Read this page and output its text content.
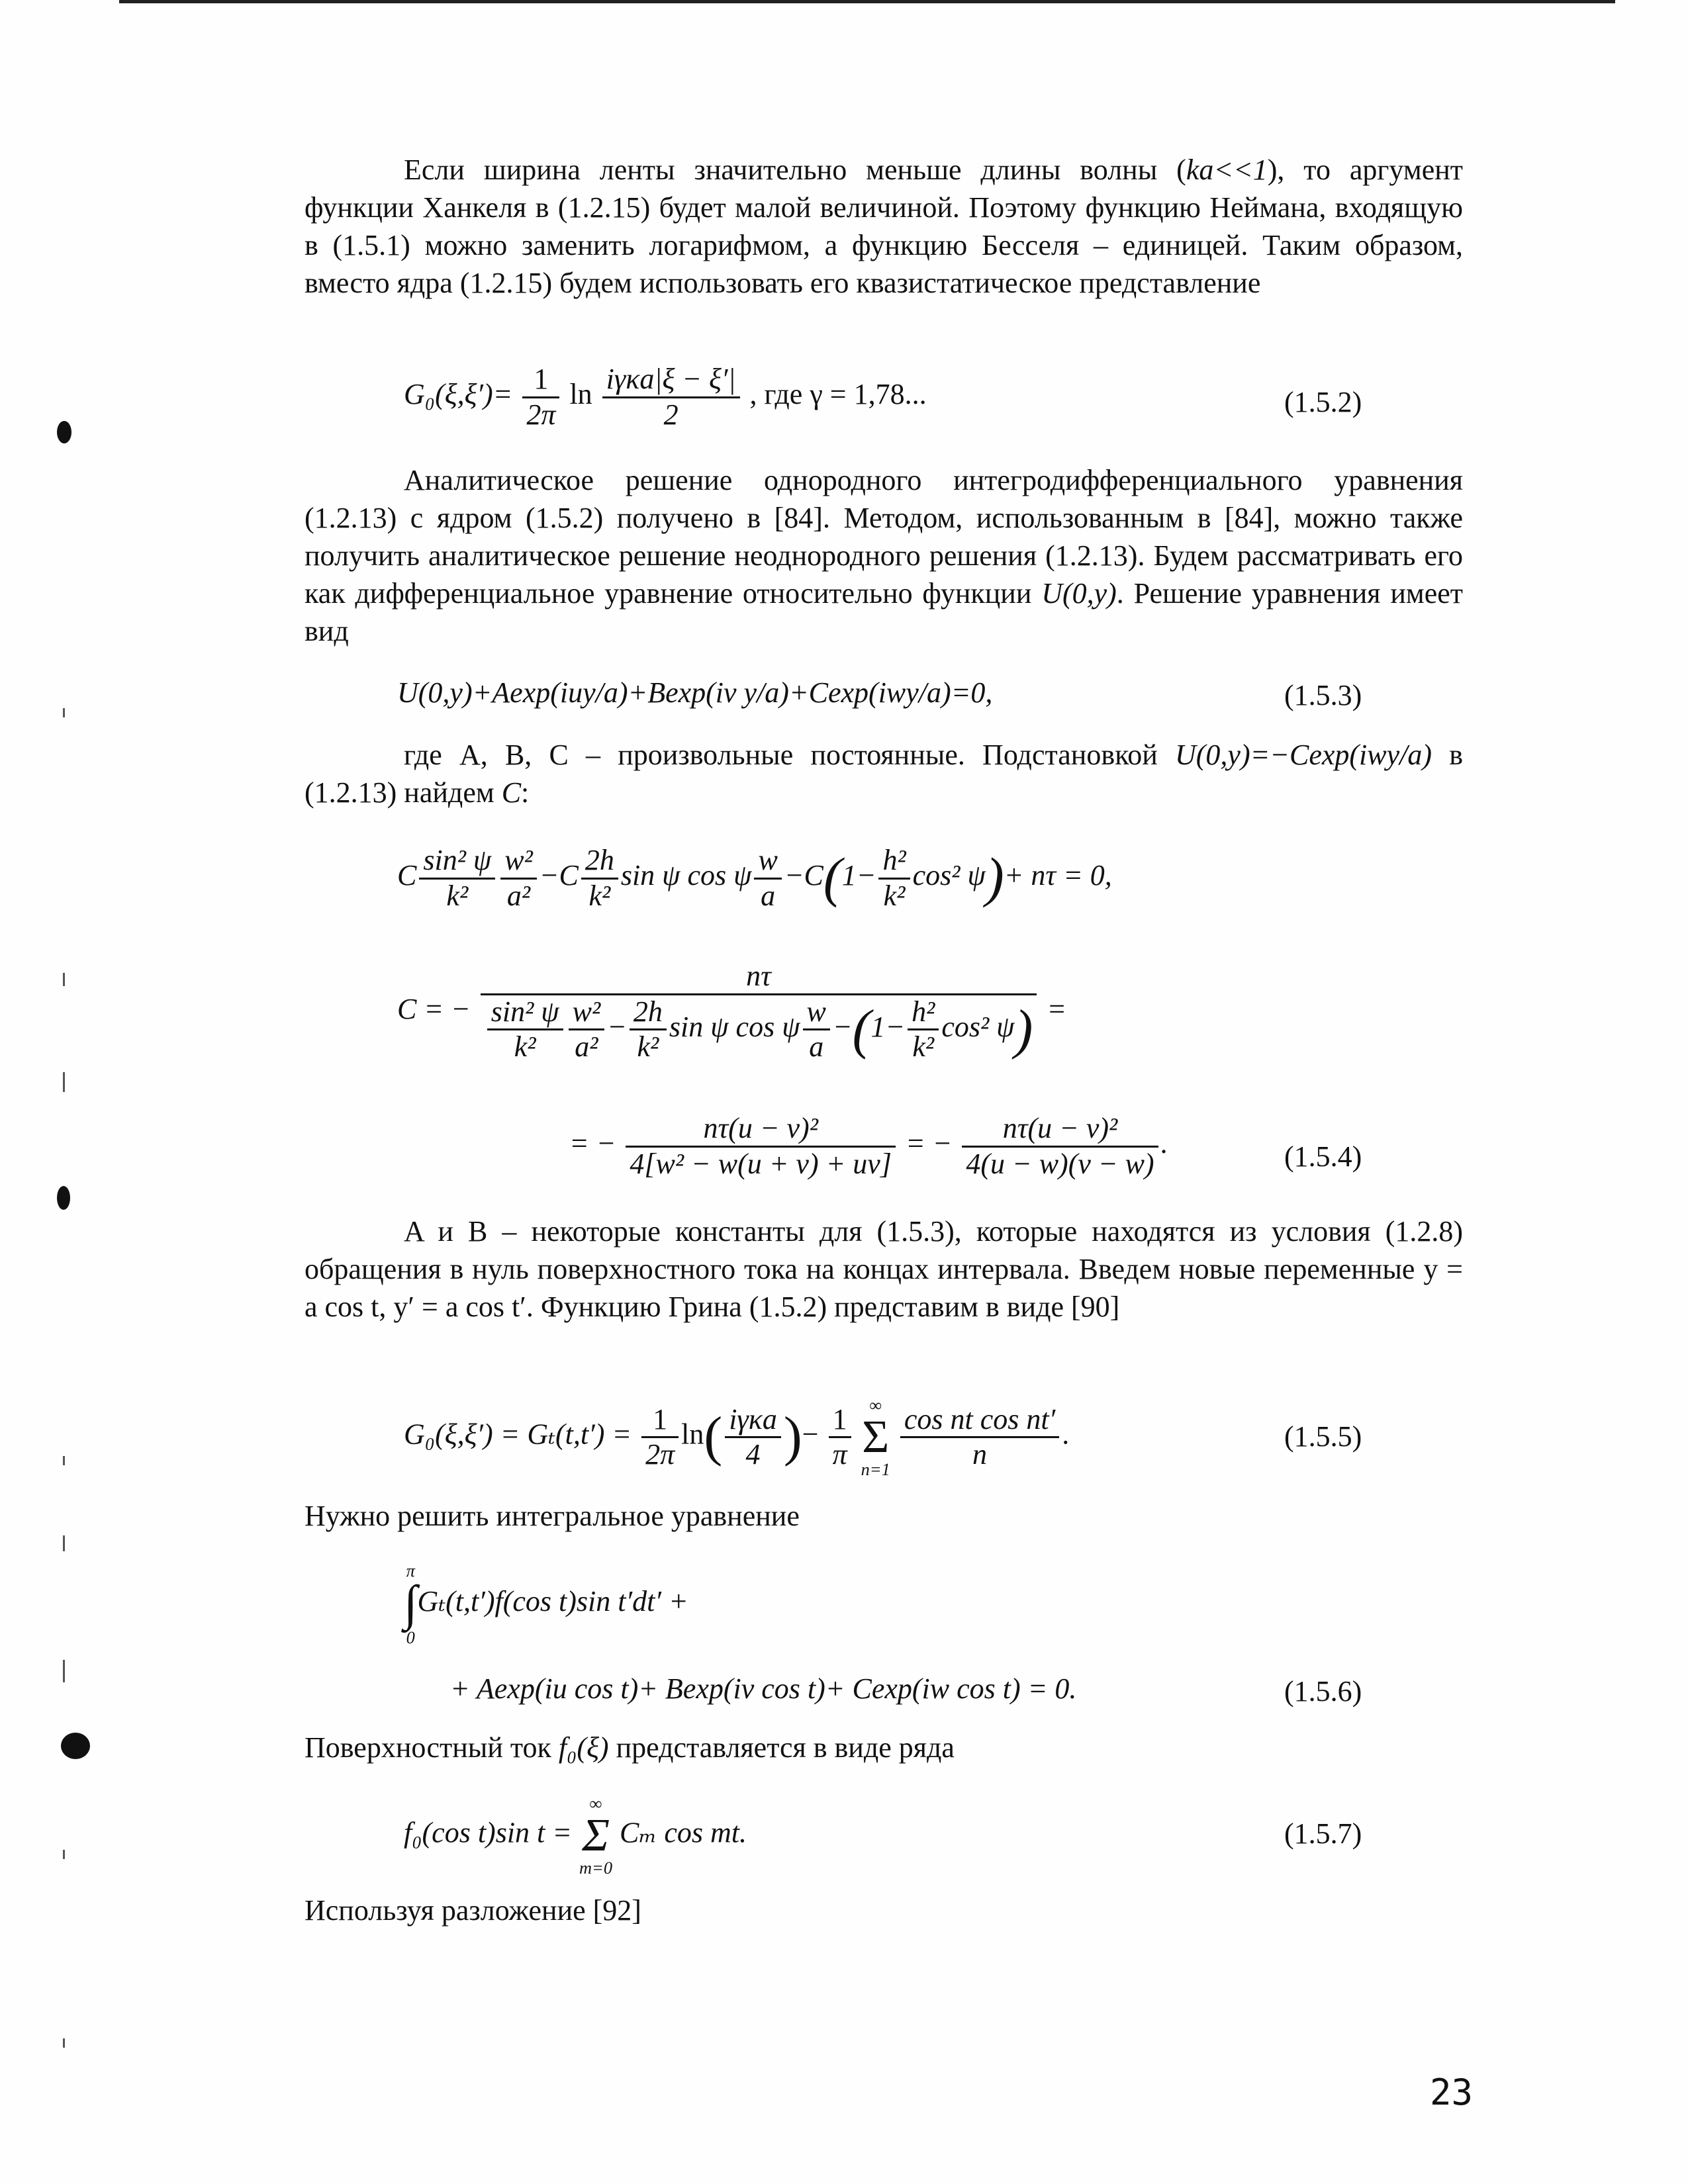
Если ширина ленты значительно меньше длины волны (ka<<1), то аргумент функции Ханкеля в (1.2.15) будет малой величиной. Поэтому функцию Неймана, входящую в (1.5.1) можно заменить логарифмом, а функцию Бесселя – единицей. Таким образом, вместо ядра (1.2.15) будем использовать его квазистатическое представление
$G_0(\xi,\xi')= \frac{1}{2\pi}$ $\ln \frac{\text{iγκa|ξ − ξ′|}}{2}$ , где γ = 1,78...	(1.5.2)
Аналитическое решение однородного интегродифференциального уравнения (1.2.13) с ядром (1.5.2) получено в [84]. Методом, использованным в [84], можно также получить аналитическое решение неоднородного решения (1.2.13). Будем рассматривать его как дифференциальное уравнение относительно функции U(0,y). Решение уравнения имеет вид
U(0,y)+Aexp(iuy/a)+Bexp(iv y/a)+Cexp(iwy/a)=0,	(1.5.3)
где A, B, C – произвольные постоянные. Подстановкой U(0,y)=−Cexp(iwy/a) в (1.2.13) найдем C:
C $\frac{\text{sin² ψ}}{\text{k²}} \frac{\text{w²}}{\text{a²}} -C \frac{2h}{\text{k²}}$ sin ψ cos ψ $\frac{w}{a} -C(1- \frac{\text{h²}}{\text{k²}} \cos^2$ ψ)+ nτ = 0,
C = − $\frac{n\tau}{\frac{\text{sin² ψ}}{\text{k²}} \frac{\text{w²}}{\text{a²}} - \frac{2h}{\text{k²}} \sin \psi \cos \psi \frac{w}{a} -(1- \frac{\text{h²}}{\text{k²}} \cos^2 \psi)}$ =
= − $\frac{\text{nτ(u − v)²}}{\text{4[w² − w(u + v) + uv]}}$ = − $\frac{\text{nτ(u − v)²}}{4(u - w)(v - w)}$ .	(1.5.4)
A и B – некоторые константы для (1.5.3), которые находятся из условия (1.2.8) обращения в нуль поверхностного тока на концах интервала. Введем новые переменные y = a cos t, y′ = a cos t′. Функцию Грина (1.5.2) представим в виде [90]
$G_0(\xi,\xi') = G_t(t,t') = \frac{1}{2\pi} \ln( \frac{\text{iγκa}}{4}$ )− $\frac{1}{\pi}$
	∞
Σ
n=1
$\frac{\text{cos nt cos nt′}}{n}$ .	(1.5.5)
Нужно решить интегральное уравнение
π
∫
0
Gₜ(t,t′)f(cos t)sin t′dt′ +
+ Aexp(iu cos t)+ Bexp(iv cos t)+ Cexp(iw cos t) = 0.	(1.5.6)
Поверхностный ток f₀(ξ) представляется в виде ряда
f₀(cos t)sin t =
∞
Σ
m=0
Cₘ cos mt.	(1.5.7)
Используя разложение [92]
23
